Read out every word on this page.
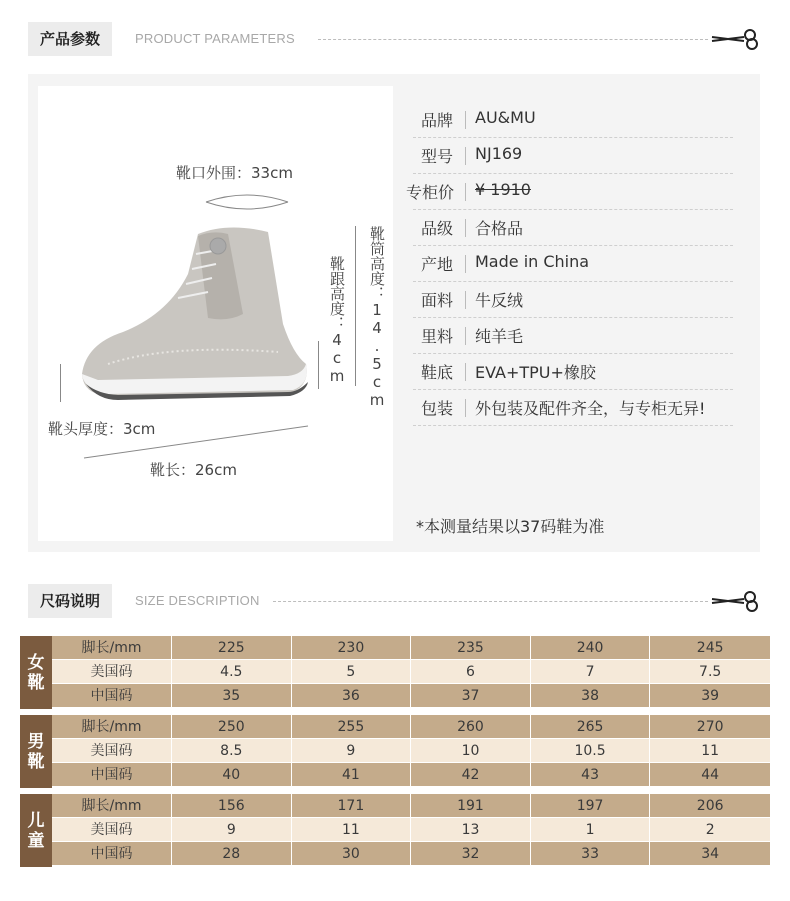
产品参数	PRODUCT PARAMETERS
靴口外围：33cm
靴筒高度：14.5cm
靴跟高度：4cm
靴头厚度：3cm
靴长：26cm
品牌	AU&MU
型号	NJ169
专柜价	¥ 1910
品级	合格品
产地	Made in China
面料	牛反绒
里料	纯羊毛
鞋底	EVA+TPU+橡胶
包装	外包装及配件齐全，与专柜无异!
*本测量结果以37码鞋为准
尺码说明	SIZE DESCRIPTION
女
靴
脚长/mm	225	230	235	240	245
美国码	4.5	5	6	7	7.5
中国码	35	36	37	38	39
男
靴
脚长/mm	250	255	260	265	270
美国码	8.5	9	10	10.5	11
中国码	40	41	42	43	44
儿
童
脚长/mm	156	171	191	197	206
美国码	9	11	13	1	2
中国码	28	30	32	33	34
